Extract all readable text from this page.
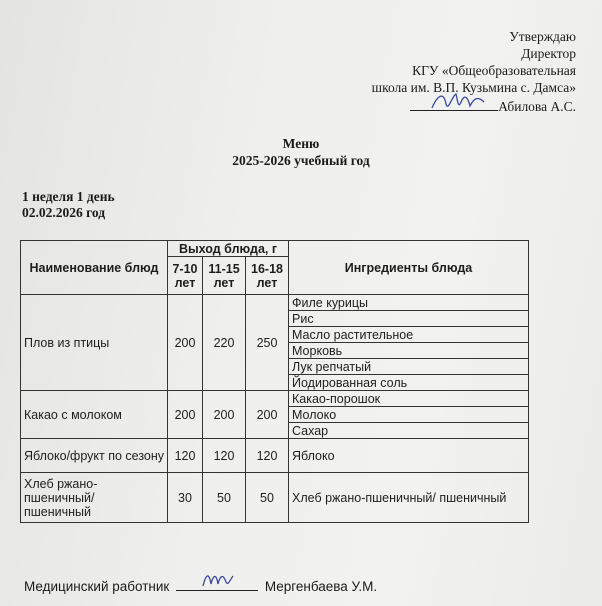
Утверждаю
Директор
КГУ «Общеобразовательная
школа им. В.П. Кузьмина с. Дамса»
Абилова А.С.
Меню
2025-2026 учебный год
1 неделя 1 день
02.02.2026 год
Наименование блюд	Выход блюда, г			Ингредиенты блюда
	7-10 лет	11-15 лет	16-18 лет	
Плов из птицы	200	220	250	Филе курицы
				Рис
				Масло растительное
				Морковь
				Лук репчатый
				Йодированная соль
Какао с молоком	200	200	200	Какао-порошок
				Молоко
				Сахар
Яблоко/фрукт по сезону	120	120	120	Яблоко
Хлеб ржано-пшеничный/ пшеничный	30	50	50	Хлеб ржано-пшеничный/ пшеничный
Медицинский работник	Мергенбаева У.М.
